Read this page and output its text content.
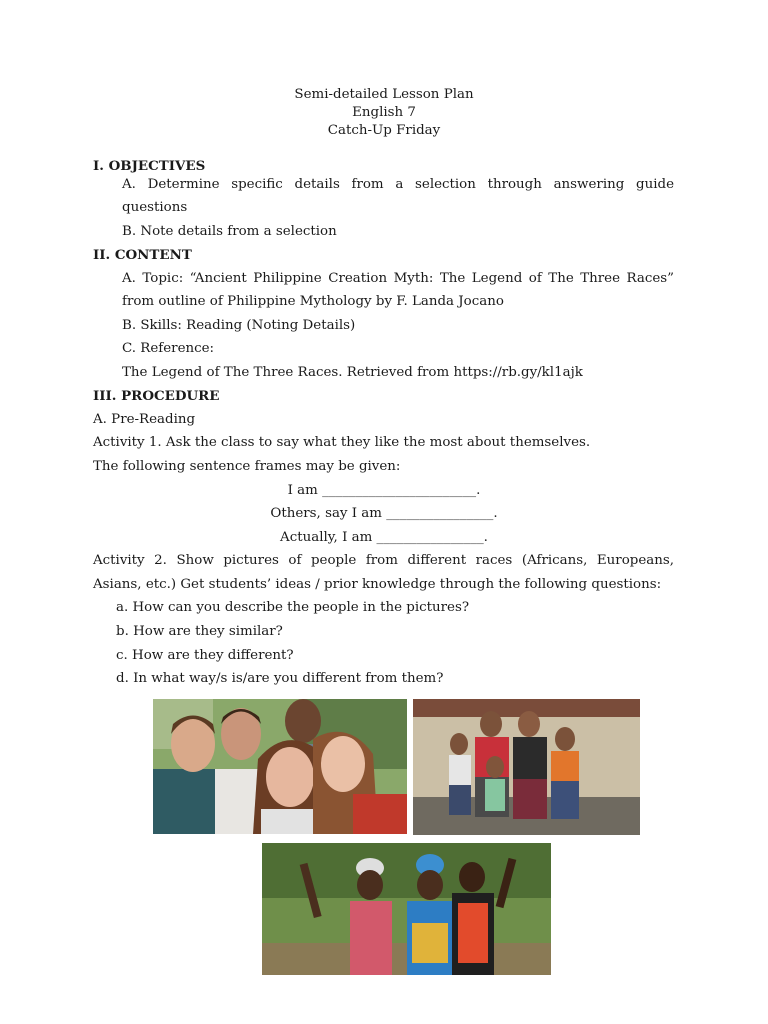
Semi-detailed Lesson Plan
English 7
Catch-Up Friday
I. OBJECTIVES
A. Determine specific details from a selection through answering guide
questions
B. Note details from a selection
II. CONTENT
A. Topic: “Ancient Philippine Creation Myth: The Legend of The Three Races”
from outline of Philippine Mythology by F. Landa Jocano
B. Skills: Reading (Noting Details)
C. Reference:
The Legend of The Three Races. Retrieved from https://rb.gy/kl1ajk
III. PROCEDURE
A. Pre-Reading
Activity 1. Ask the class to say what they like the most about themselves.
The following sentence frames may be given:
I am _______________________.
Others, say I am ________________.
Actually, I am ________________.
Activity 2. Show pictures of people from different races (Africans, Europeans,
Asians, etc.) Get students’ ideas / prior knowledge through the following questions:
a. How can you describe the people in the pictures?
b. How are they similar?
c. How are they different?
d. In what way/s is/are you different from them?
